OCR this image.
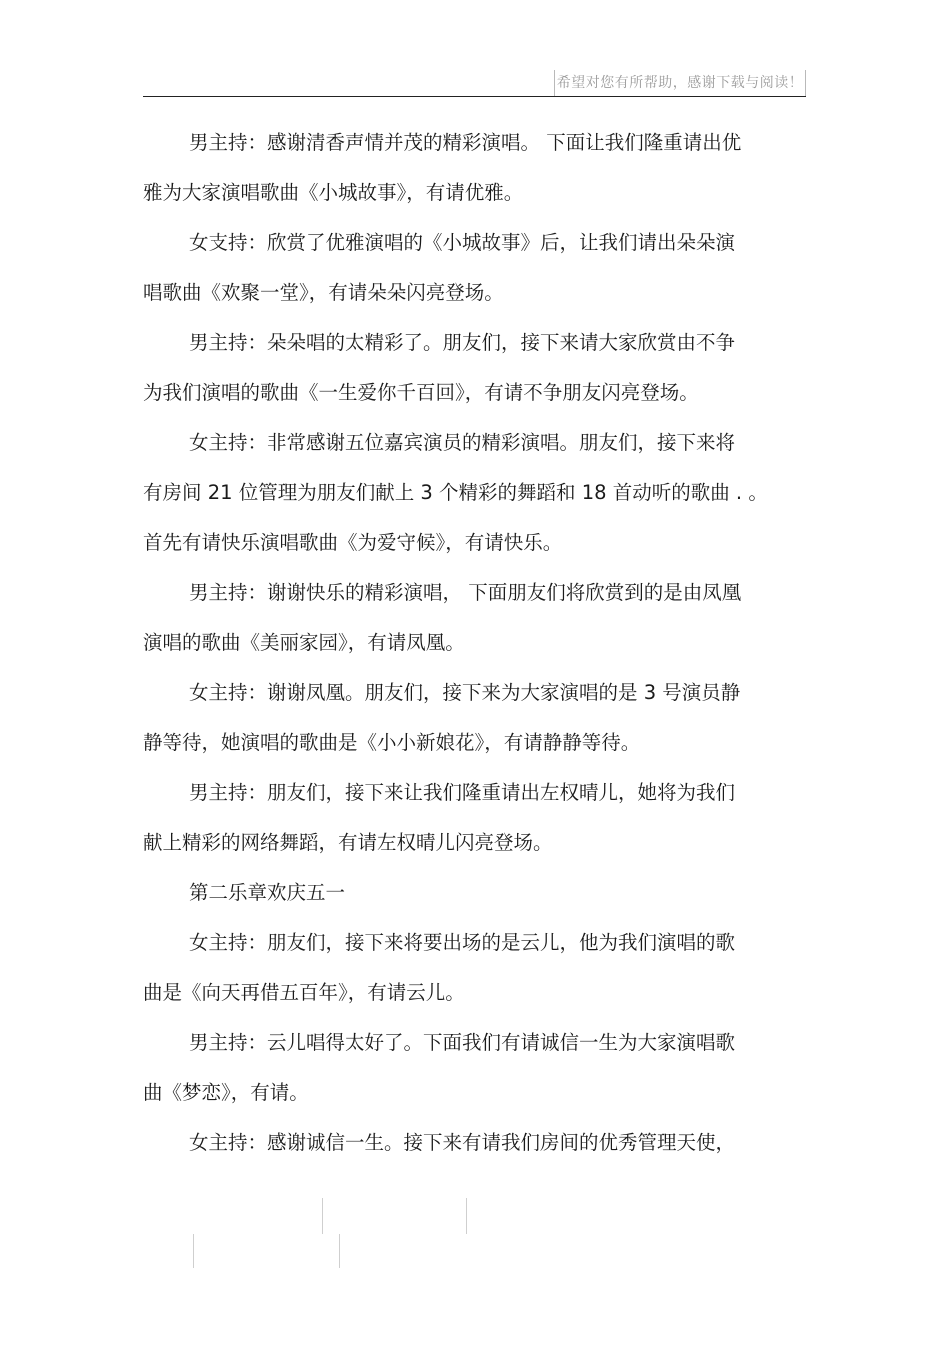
希望对您有所帮助，感谢下载与阅读！
男主持：感谢清香声情并茂的精彩演唱。 下面让我们隆重请出优
雅为大家演唱歌曲《小城故事》，有请优雅。
女支持：欣赏了优雅演唱的《小城故事》后，让我们请出朵朵演
唱歌曲《欢聚一堂》，有请朵朵闪亮登场。
男主持：朵朵唱的太精彩了。朋友们，接下来请大家欣赏由不争
为我们演唱的歌曲《一生爱你千百回》，有请不争朋友闪亮登场。
女主持：非常感谢五位嘉宾演员的精彩演唱。朋友们，接下来将
有房间 21 位管理为朋友们献上 3 个精彩的舞蹈和 18 首动听的歌曲 . 。
首先有请快乐演唱歌曲《为爱守候》，有请快乐。
男主持：谢谢快乐的精彩演唱， 下面朋友们将欣赏到的是由凤凰
演唱的歌曲《美丽家园》，有请凤凰。
女主持：谢谢凤凰。朋友们，接下来为大家演唱的是 3 号演员静
静等待，她演唱的歌曲是《小小新娘花》，有请静静等待。
男主持：朋友们，接下来让我们隆重请出左权晴儿，她将为我们
献上精彩的网络舞蹈，有请左权晴儿闪亮登场。
第二乐章欢庆五一
女主持：朋友们，接下来将要出场的是云儿，他为我们演唱的歌
曲是《向天再借五百年》，有请云儿。
男主持：云儿唱得太好了。下面我们有请诚信一生为大家演唱歌
曲《梦恋》，有请。
女主持：感谢诚信一生。接下来有请我们房间的优秀管理天使，
